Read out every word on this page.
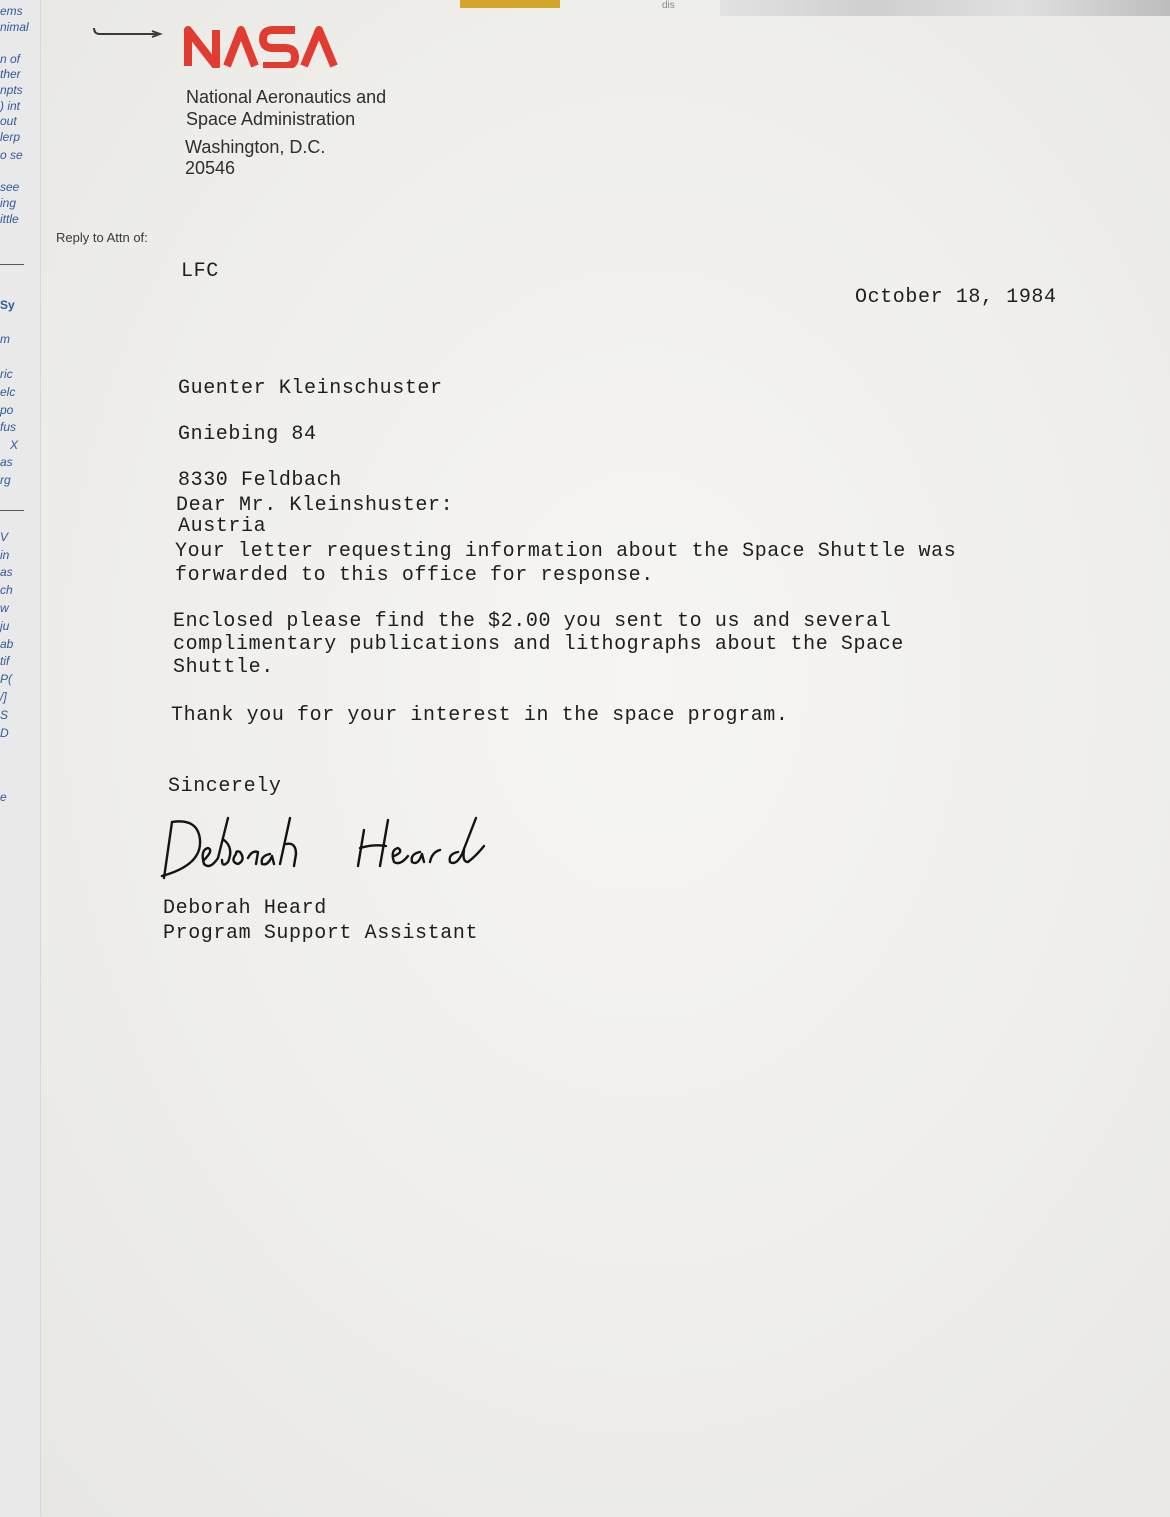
ems
nimal
n of
ther
npts
) int
out
lerp
o se
see
ing
ittle
Sy
m
ric
elc
po
fus
X
as
rg
V
in
as
ch
w
ju
ab
tif
P(
/]
S
D
e
dis
National Aeronautics and
Space Administration
Washington, D.C.
20546
Reply to Attn of:
LFC
October 18, 1984

Guenter Kleinschuster

Gniebing 84

8330 Feldbach

Austria

Dear Mr. Kleinshuster:
Your letter requesting information about the Space Shuttle was
forwarded to this office for response.
Enclosed please find the $2.00 you sent to us and several
complimentary publications and lithographs about the Space
Shuttle.
Thank you for your interest in the space program.
Sincerely
Deborah Heard
Program Support Assistant
